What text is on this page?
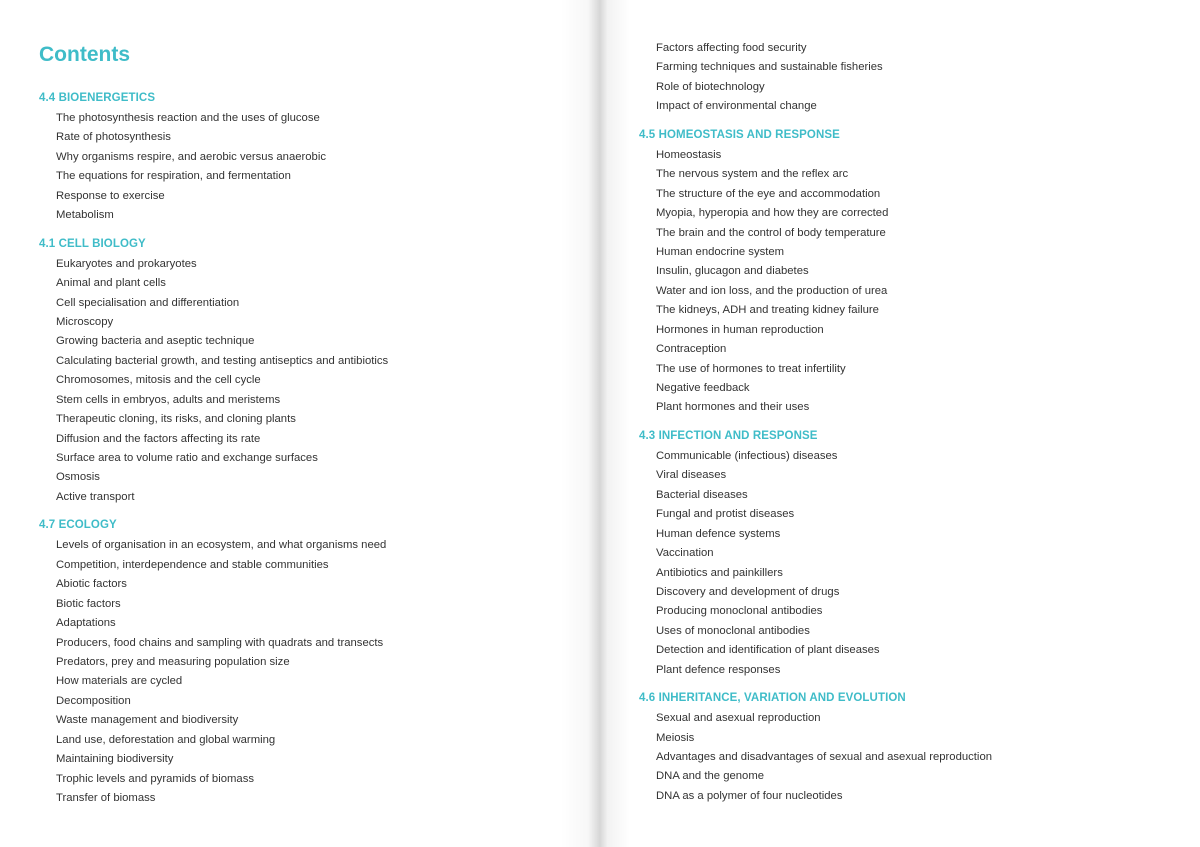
Contents
4.4 BIOENERGETICS
The photosynthesis reaction and the uses of glucose
Rate of photosynthesis
Why organisms respire, and aerobic versus anaerobic
The equations for respiration, and fermentation
Response to exercise
Metabolism
4.1 CELL BIOLOGY
Eukaryotes and prokaryotes
Animal and plant cells
Cell specialisation and differentiation
Microscopy
Growing bacteria and aseptic technique
Calculating bacterial growth, and testing antiseptics and antibiotics
Chromosomes, mitosis and the cell cycle
Stem cells in embryos, adults and meristems
Therapeutic cloning, its risks, and cloning plants
Diffusion and the factors affecting its rate
Surface area to volume ratio and exchange surfaces
Osmosis
Active transport
4.7 ECOLOGY
Levels of organisation in an ecosystem, and what organisms need
Competition, interdependence and stable communities
Abiotic factors
Biotic factors
Adaptations
Producers, food chains and sampling with quadrats and transects
Predators, prey and measuring population size
How materials are cycled
Decomposition
Waste management and biodiversity
Land use, deforestation and global warming
Maintaining biodiversity
Trophic levels and pyramids of biomass
Transfer of biomass
Factors affecting food security
Farming techniques and sustainable fisheries
Role of biotechnology
Impact of environmental change
4.5 HOMEOSTASIS AND RESPONSE
Homeostasis
The nervous system and the reflex arc
The structure of the eye and accommodation
Myopia, hyperopia and how they are corrected
The brain and the control of body temperature
Human endocrine system
Insulin, glucagon and diabetes
Water and ion loss, and the production of urea
The kidneys, ADH and treating kidney failure
Hormones in human reproduction
Contraception
The use of hormones to treat infertility
Negative feedback
Plant hormones and their uses
4.3 INFECTION AND RESPONSE
Communicable (infectious) diseases
Viral diseases
Bacterial diseases
Fungal and protist diseases
Human defence systems
Vaccination
Antibiotics and painkillers
Discovery and development of drugs
Producing monoclonal antibodies
Uses of monoclonal antibodies
Detection and identification of plant diseases
Plant defence responses
4.6 INHERITANCE, VARIATION AND EVOLUTION
Sexual and asexual reproduction
Meiosis
Advantages and disadvantages of sexual and asexual reproduction
DNA and the genome
DNA as a polymer of four nucleotides
